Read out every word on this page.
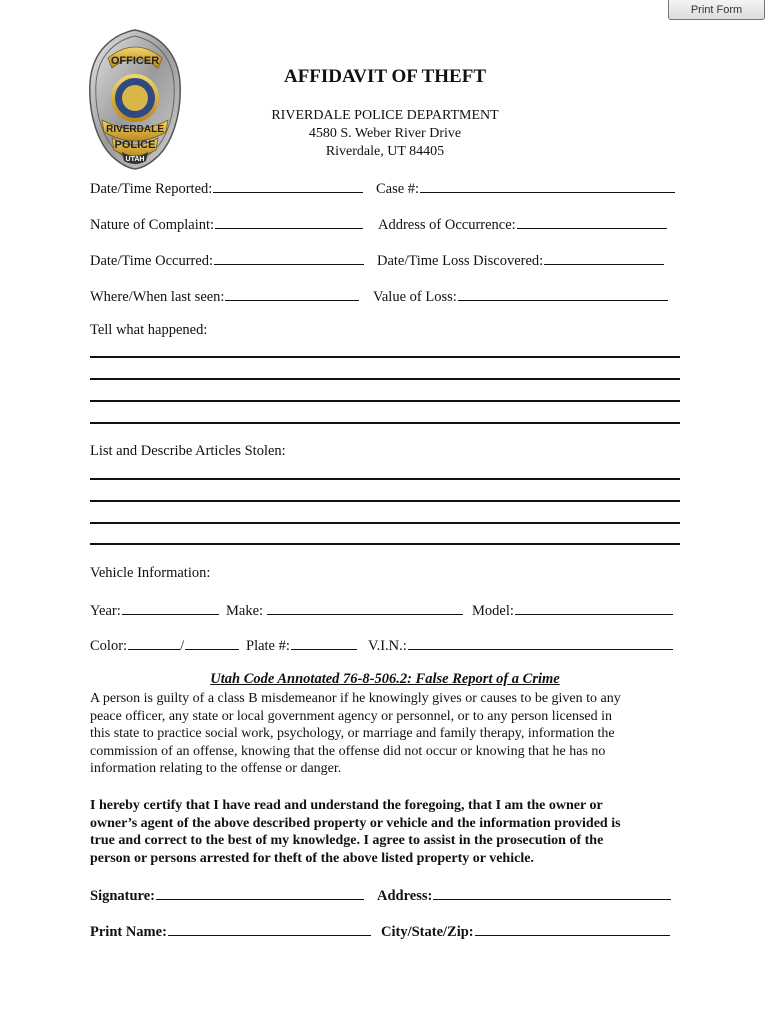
Print Form
OFFICER
RIVERDALE
POLICE
UTAH
AFFIDAVIT OF THEFT
RIVERDALE POLICE DEPARTMENT
4580 S. Weber River Drive
Riverdale, UT 84405
Date/Time Reported:	Case #:
Nature of Complaint:	Address of Occurrence:
Date/Time Occurred:	Date/Time Loss Discovered:
Where/When last seen:	Value of Loss:
Tell what happened:
List and Describe Articles Stolen:
Vehicle Information:
Year:	Make:	Model:
Color:	/	Plate #:	V.I.N.:
Utah Code Annotated 76-8-506.2: False Report of a Crime
A person is guilty of a class B misdemeanor if he knowingly gives or causes to be given to any
peace officer, any state or local government agency or personnel, or to any person licensed in
this state to practice social work, psychology, or marriage and family therapy, information the
commission of an offense, knowing that the offense did not occur or knowing that he has no
information relating to the offense or danger.
I hereby certify that I have read and understand the foregoing, that I am the owner or
owner’s agent of the above described property or vehicle and the information provided is
true and correct to the best of my knowledge. I agree to assist in the prosecution of the
person or persons arrested for theft of the above listed property or vehicle.
Signature:	Address:
Print Name:	City/State/Zip:
